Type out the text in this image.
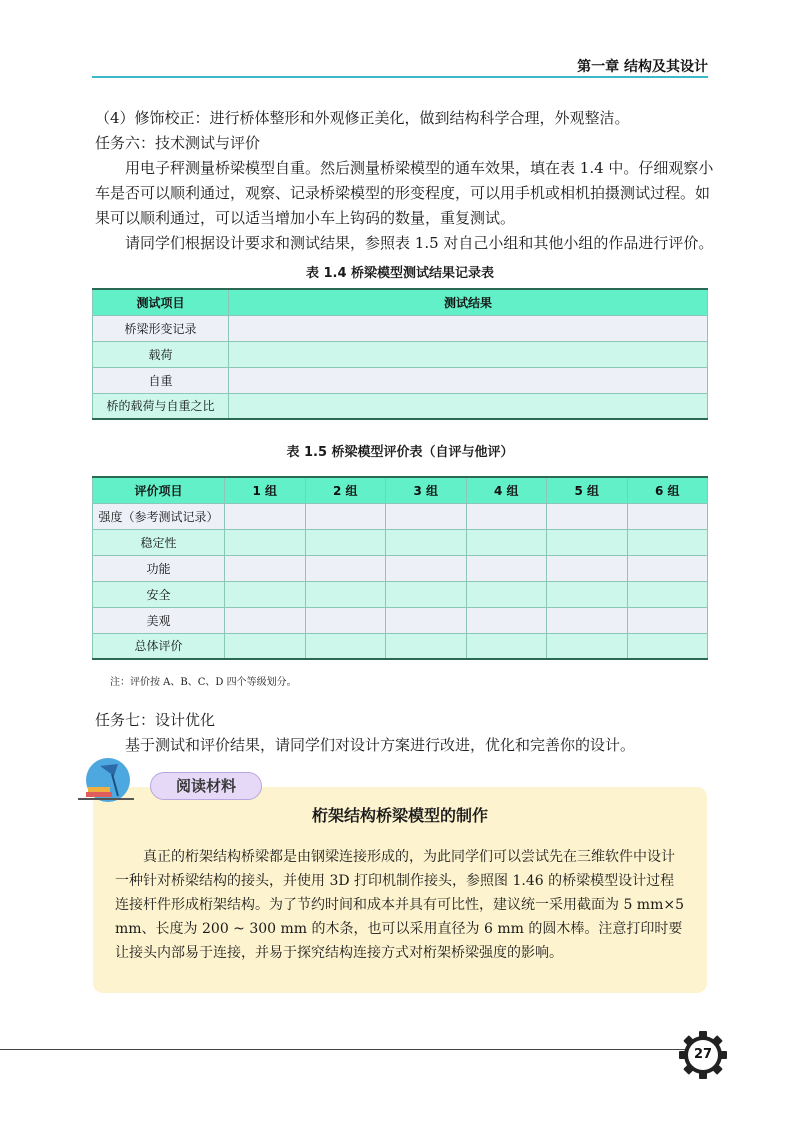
第一章 结构及其设计

（4）修饰校正：进行桥体整形和外观修正美化，做到结构科学合理，外观整洁。

任务六：技术测试与评价

用电子秤测量桥梁模型自重。然后测量桥梁模型的通车效果，填在表 1.4 中。仔细观察小车是否可以顺利通过，观察、记录桥梁模型的形变程度，可以用手机或相机拍摄测试过程。如果可以顺利通过，可以适当增加小车上钩码的数量，重复测试。

请同学们根据设计要求和测试结果，参照表 1.5 对自己小组和其他小组的作品进行评价。

表 1.4 桥梁模型测试结果记录表
测试项目	测试结果
桥梁形变记录	
载荷	
自重	
桥的载荷与自重之比	
表 1.5 桥梁模型评价表（自评与他评）
评价项目	1 组	2 组	3 组	4 组	5 组	6 组
强度（参考测试记录）						
稳定性						
功能						
安全						
美观						
总体评价						
注：评价按 A、B、C、D 四个等级划分。

任务七：设计优化

基于测试和评价结果，请同学们对设计方案进行改进，优化和完善你的设计。

桁架结构桥梁模型的制作

真正的桁架结构桥梁都是由钢梁连接形成的，为此同学们可以尝试先在三维软件中设计一种针对桥梁结构的接头，并使用 3D 打印机制作接头，参照图 1.46 的桥梁模型设计过程连接杆件形成桁架结构。为了节约时间和成本并具有可比性，建议统一采用截面为 5 mm×5 mm、长度为 200 ~ 300 mm 的木条，也可以采用直径为 6 mm 的圆木棒。注意打印时要让接头内部易于连接，并易于探究结构连接方式对桁架桥梁强度的影响。

阅读材料
27
